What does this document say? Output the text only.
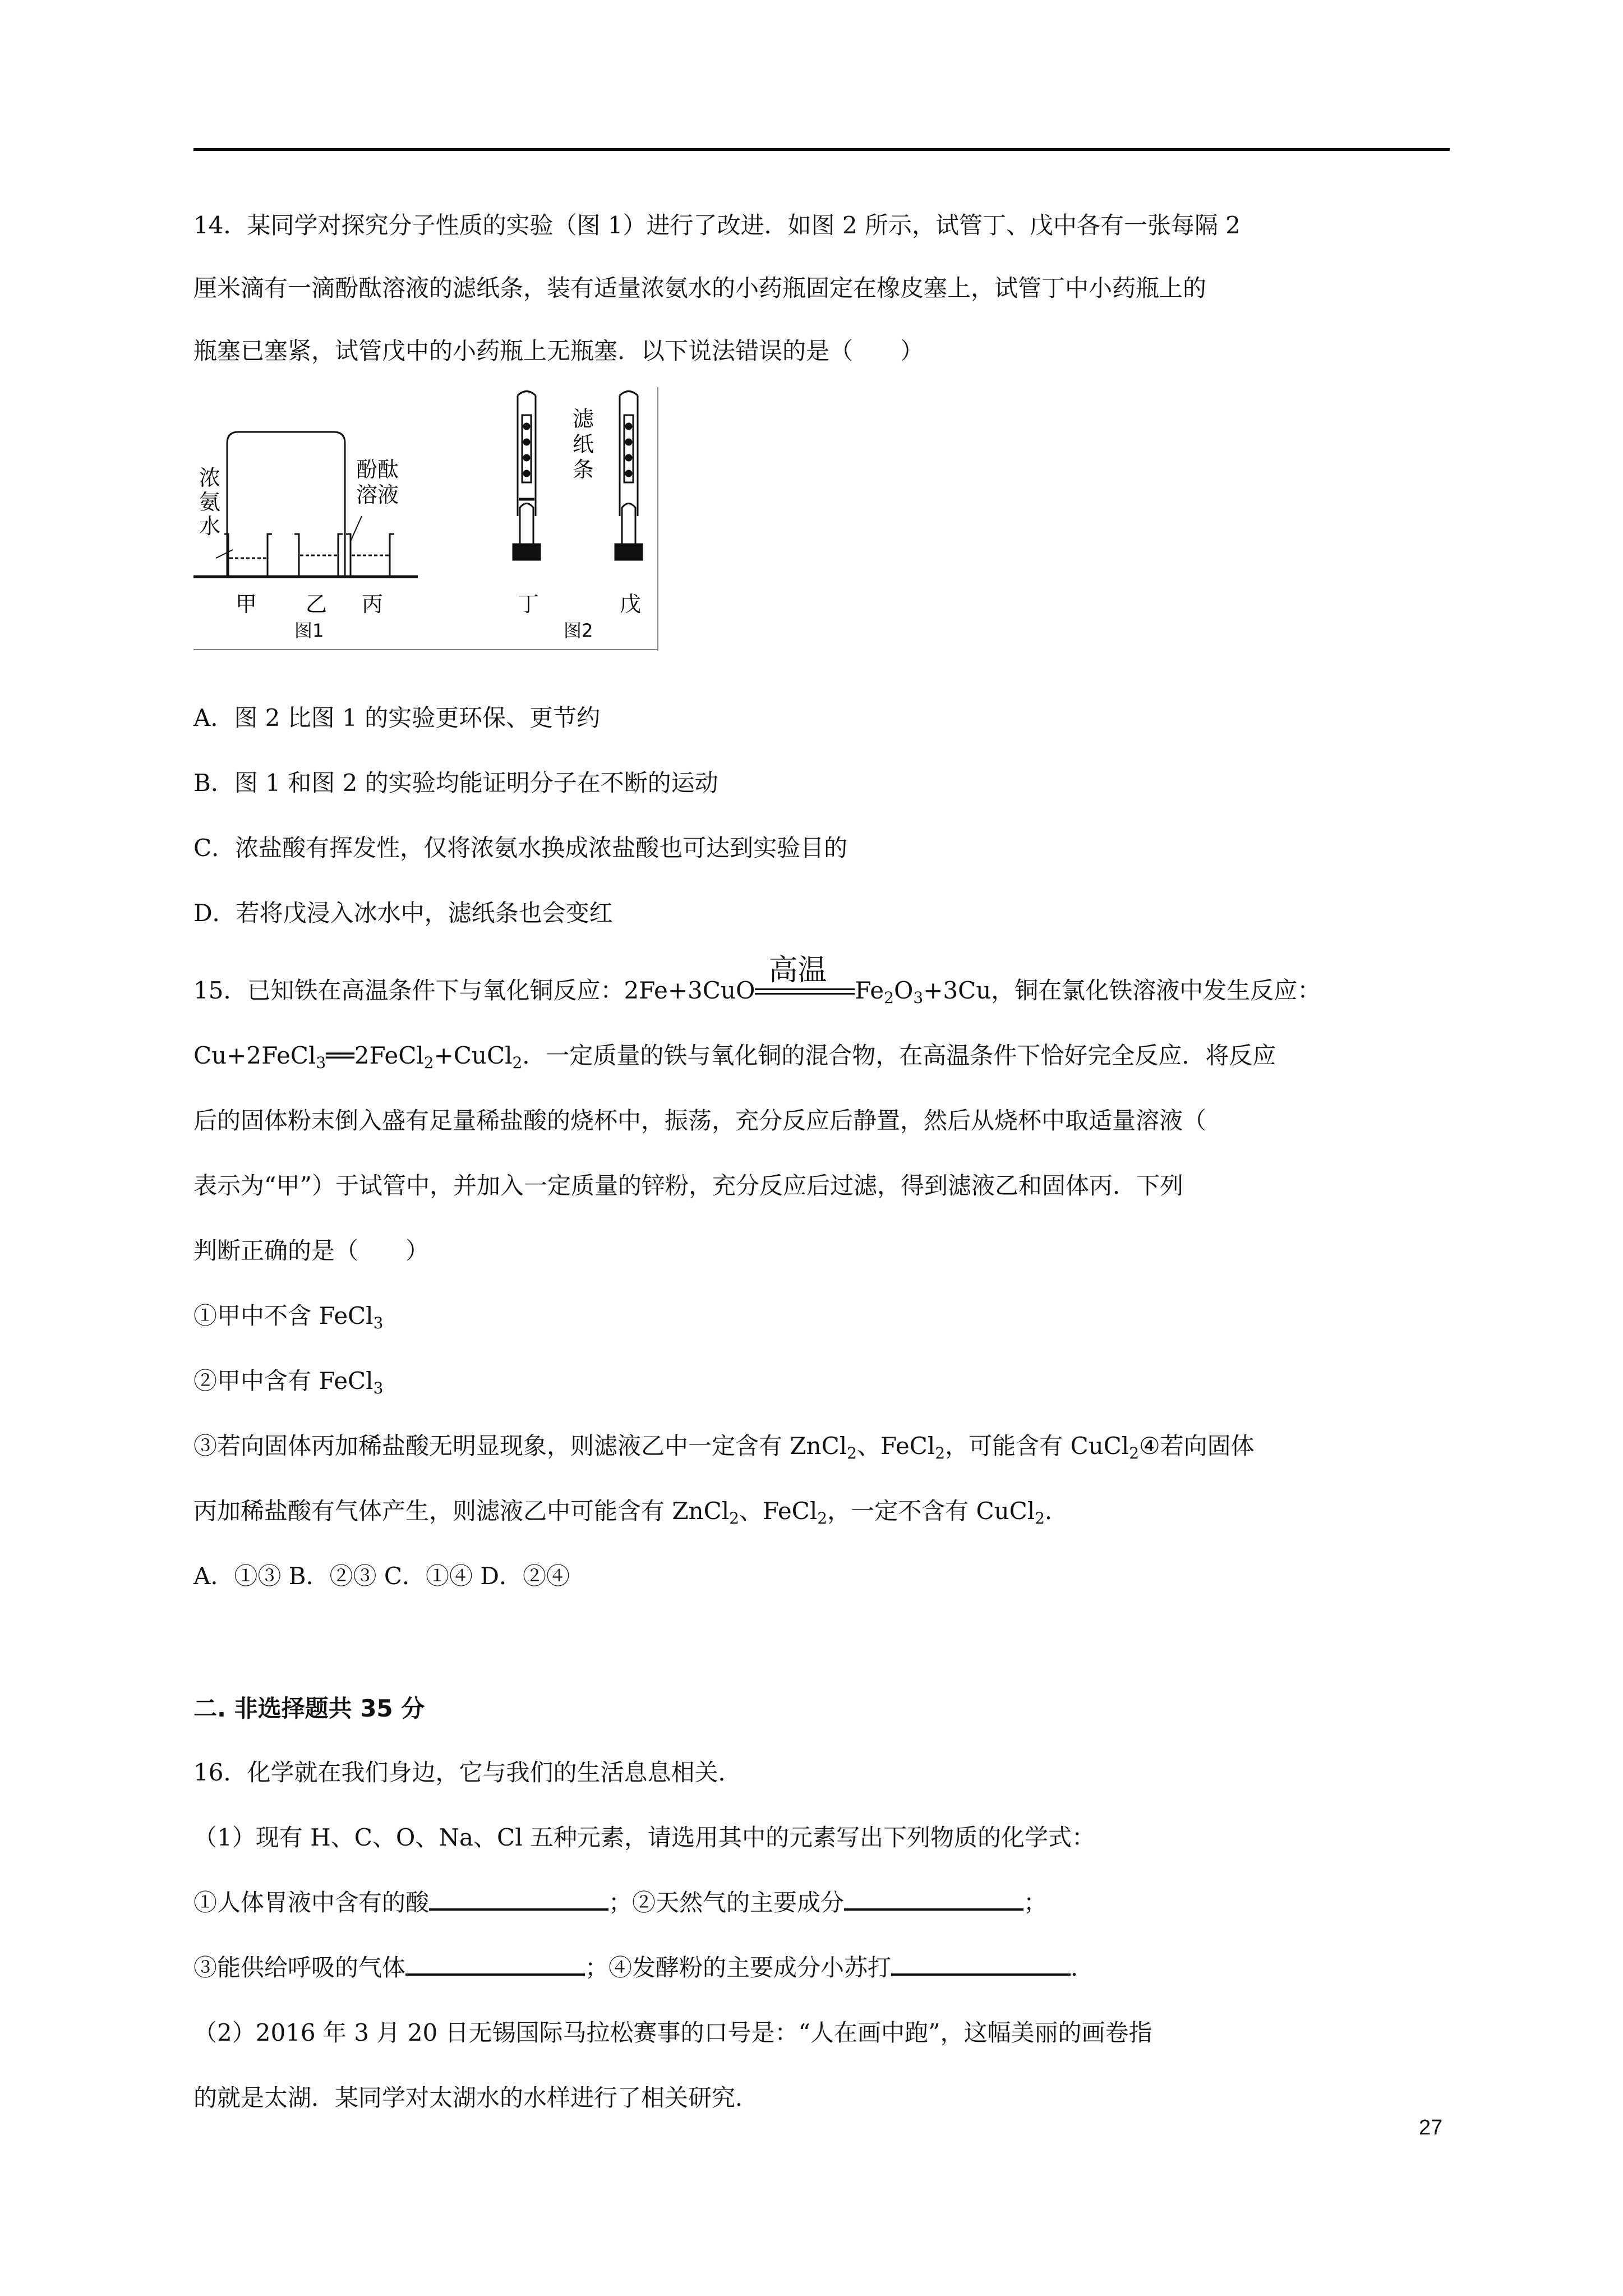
14．某同学对探究分子性质的实验（图 1）进行了改进．如图 2 所示，试管丁、戊中各有一张每隔 2
厘米滴有一滴酚酞溶液的滤纸条，装有适量浓氨水的小药瓶固定在橡皮塞上，试管丁中小药瓶上的
瓶塞已塞紧，试管戊中的小药瓶上无瓶塞．以下说法错误的是（　　）
浓
氨
水
酚酞
溶液
甲 乙 丙
图1
滤
纸
条
丁	戊
图2
A．图 2 比图 1 的实验更环保、更节约
B．图 1 和图 2 的实验均能证明分子在不断的运动
C．浓盐酸有挥发性，仅将浓氨水换成浓盐酸也可达到实验目的
D．若将戊浸入冰水中，滤纸条也会变红
15．已知铁在高温条件下与氧化铜反应：2Fe+3CuO
高温
$Fe_2O_3+3Cu$，铜在氯化铁溶液中发生反应：
Cu+2FeCl$_3$══2FeCl$_2$+CuCl$_2$．一定质量的铁与氧化铜的混合物，在高温条件下恰好完全反应．将反应
后的固体粉末倒入盛有足量稀盐酸的烧杯中，振荡，充分反应后静置，然后从烧杯中取适量溶液（
表示为“甲”）于试管中，并加入一定质量的锌粉，充分反应后过滤，得到滤液乙和固体丙．下列
判断正确的是（　　）
①甲中不含 FeCl$_3$
②甲中含有 FeCl$_3$
③若向固体丙加稀盐酸无明显现象，则滤液乙中一定含有 ZnCl$_2$、FeCl$_2$，可能含有 CuCl$_2$④若向固体
丙加稀盐酸有气体产生，则滤液乙中可能含有 ZnCl$_2$、FeCl$_2$，一定不含有 CuCl$_2$．
A．①③ B．②③ C．①④ D．②④
二. 非选择题共 35 分
16．化学就在我们身边，它与我们的生活息息相关．
（1）现有 H、C、O、Na、Cl 五种元素，请选用其中的元素写出下列物质的化学式：
①人体胃液中含有的酸	；②天然气的主要成分	；
③能供给呼吸的气体	；④发酵粉的主要成分小苏打	．
（2）2016 年 3 月 20 日无锡国际马拉松赛事的口号是：“人在画中跑”，这幅美丽的画卷指
的就是太湖．某同学对太湖水的水样进行了相关研究．
27
